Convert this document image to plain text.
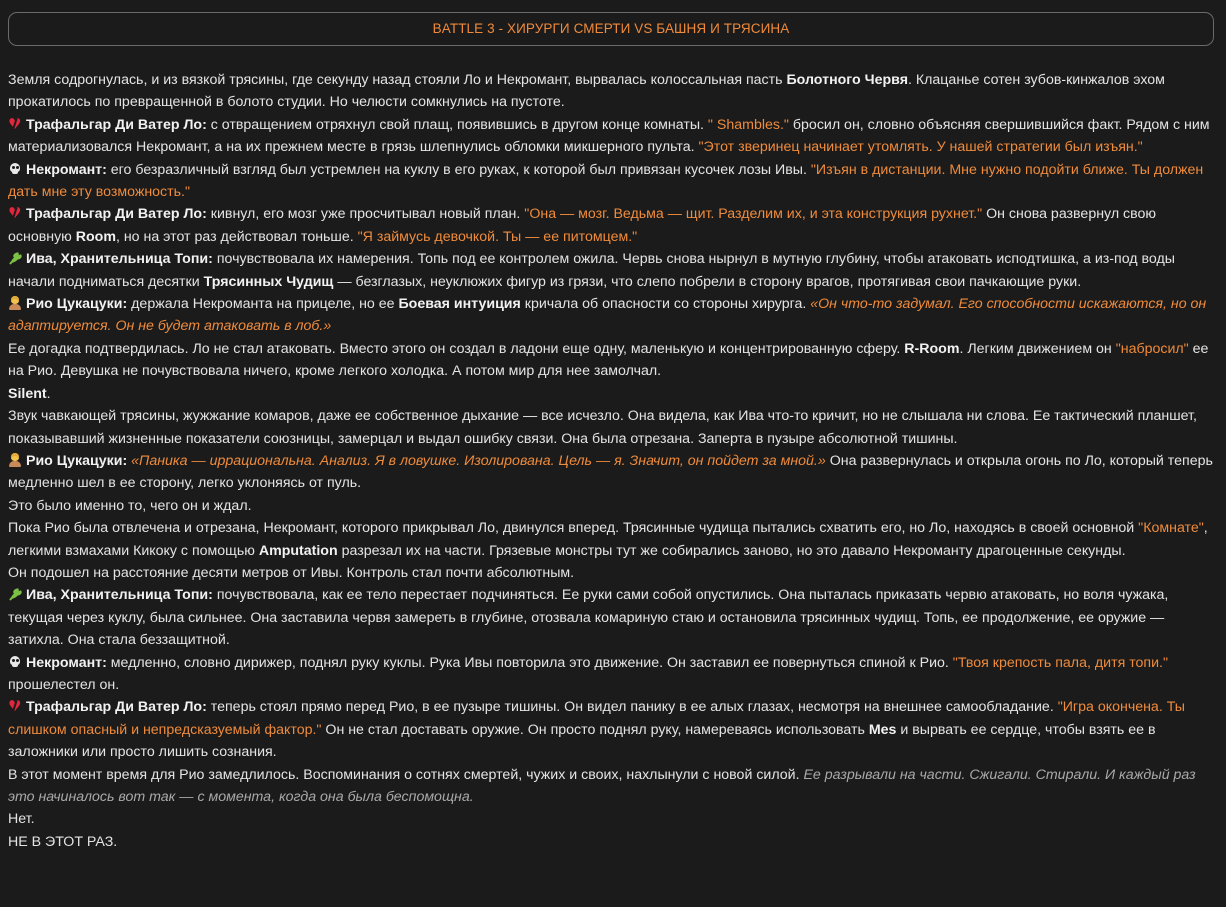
BATTLE 3 - ХИРУРГИ СМЕРТИ VS БАШНЯ И ТРЯСИНА

Земля содрогнулась, и из вязкой трясины, где секунду назад стояли Ло и Некромант, вырвалась колоссальная пасть Болотного Червя. Клацанье сотен зубов-кинжалов эхом прокатилось по превращенной в болото студии. Но челюсти сомкнулись на пустоте.

♥Трафальгар Ди Ватер Ло: с отвращением отряхнул свой плащ, появившись в другом конце комнаты. " Shambles." бросил он, словно объясняя свершившийся факт. Рядом с ним материализовался Некромант, а на их прежнем месте в грязь шлепнулись обломки микшерного пульта. "Этот зверинец начинает утомлять. У нашей стратегии был изъян."

Некромант: его безразличный взгляд был устремлен на куклу в его руках, к которой был привязан кусочек лозы Ивы. "Изъян в дистанции. Мне нужно подойти ближе. Ты должен дать мне эту возможность."

♥Трафальгар Ди Ватер Ло: кивнул, его мозг уже просчитывал новый план. "Она — мозг. Ведьма — щит. Разделим их, и эта конструкция рухнет." Он снова развернул свою основную Room, но на этот раз действовал тоньше. "Я займусь девочкой. Ты — ее питомцем."

Ива, Хранительница Топи: почувствовала их намерения. Топь под ее контролем ожила. Червь снова нырнул в мутную глубину, чтобы атаковать исподтишка, а из-под воды начали подниматься десятки Трясинных Чудищ — безглазых, неуклюжих фигур из грязи, что слепо побрели в сторону врагов, протягивая свои пачкающие руки.

Рио Цукацуки: держала Некроманта на прицеле, но ее Боевая интуиция кричала об опасности со стороны хирурга. «Он что-то задумал. Его способности искажаются, но он адаптируется. Он не будет атаковать в лоб.»

Ее догадка подтвердилась. Ло не стал атаковать. Вместо этого он создал в ладони еще одну, маленькую и концентрированную сферу. R-Room. Легким движением он "набросил" ее на Рио. Девушка не почувствовала ничего, кроме легкого холодка. А потом мир для нее замолчал.

Silent.

Звук чавкающей трясины, жужжание комаров, даже ее собственное дыхание — все исчезло. Она видела, как Ива что-то кричит, но не слышала ни слова. Ее тактический планшет, показывавший жизненные показатели союзницы, замерцал и выдал ошибку связи. Она была отрезана. Заперта в пузыре абсолютной тишины.

Рио Цукацуки: «Паника — иррациональна. Анализ. Я в ловушке. Изолирована. Цель — я. Значит, он пойдет за мной.» Она развернулась и открыла огонь по Ло, который теперь медленно шел в ее сторону, легко уклоняясь от пуль.

Это было именно то, чего он и ждал.

Пока Рио была отвлечена и отрезана, Некромант, которого прикрывал Ло, двинулся вперед. Трясинные чудища пытались схватить его, но Ло, находясь в своей основной "Комнате", легкими взмахами Кикоку с помощью Amputation разрезал их на части. Грязевые монстры тут же собирались заново, но это давало Некроманту драгоценные секунды.

Он подошел на расстояние десяти метров от Ивы. Контроль стал почти абсолютным.

Ива, Хранительница Топи: почувствовала, как ее тело перестает подчиняться. Ее руки сами собой опустились. Она пыталась приказать червю атаковать, но воля чужака, текущая через куклу, была сильнее. Она заставила червя замереть в глубине, отозвала комариную стаю и остановила трясинных чудищ. Топь, ее продолжение, ее оружие — затихла. Она стала беззащитной.

Некромант: медленно, словно дирижер, поднял руку куклы. Рука Ивы повторила это движение. Он заставил ее повернуться спиной к Рио. "Твоя крепость пала, дитя топи." прошелестел он.

♥Трафальгар Ди Ватер Ло: теперь стоял прямо перед Рио, в ее пузыре тишины. Он видел панику в ее алых глазах, несмотря на внешнее самообладание. "Игра окончена. Ты слишком опасный и непредсказуемый фактор." Он не стал доставать оружие. Он просто поднял руку, намереваясь использовать Mes и вырвать ее сердце, чтобы взять ее в заложники или просто лишить сознания.

В этот момент время для Рио замедлилось. Воспоминания о сотнях смертей, чужих и своих, нахлынули с новой силой. Ее разрывали на части. Сжигали. Стирали. И каждый раз это начиналось вот так — с момента, когда она была беспомощна.

Нет.

НЕ В ЭТОТ РАЗ.
